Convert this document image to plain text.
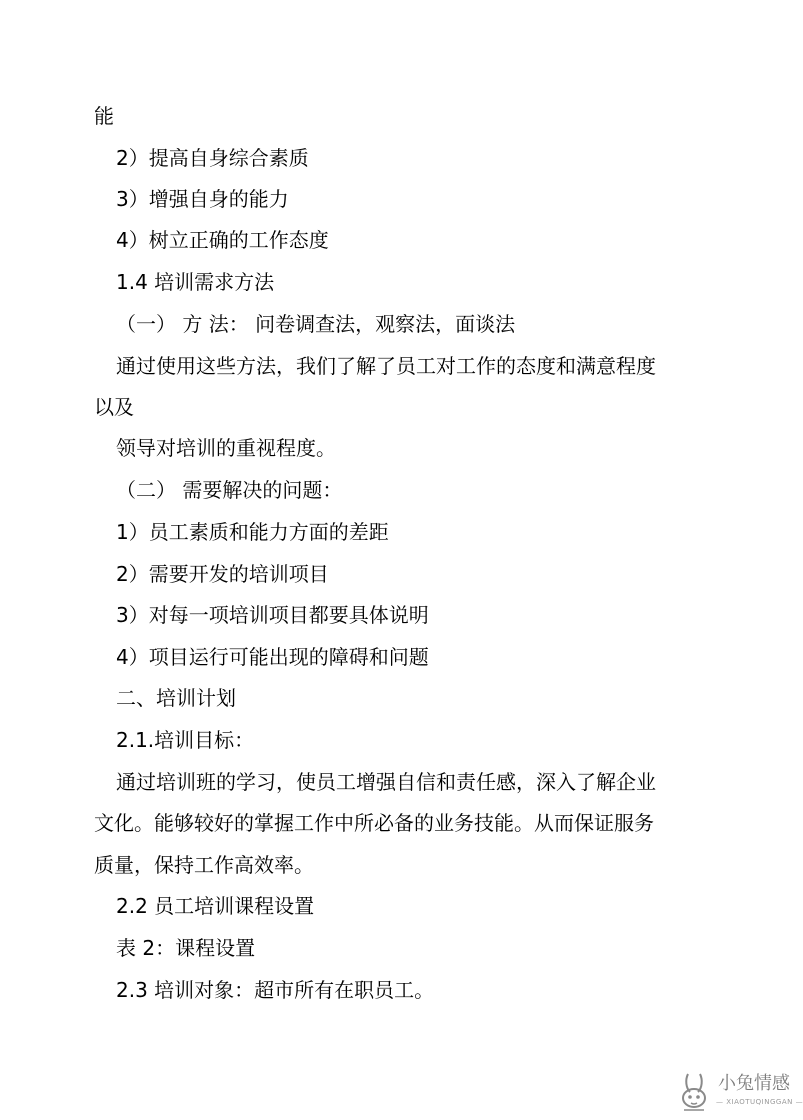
能
2）提高自身综合素质
3）增强自身的能力
4）树立正确的工作态度
1.4 培训需求方法
（一） 方 法： 问卷调查法，观察法，面谈法
通过使用这些方法，我们了解了员工对工作的态度和满意程度
以及
领导对培训的重视程度。
（二） 需要解决的问题：
1）员工素质和能力方面的差距
2）需要开发的培训项目
3）对每一项培训项目都要具体说明
4）项目运行可能出现的障碍和问题
二、培训计划
2.1.培训目标：
通过培训班的学习，使员工增强自信和责任感，深入了解企业
文化。能够较好的掌握工作中所必备的业务技能。从而保证服务
质量，保持工作高效率。
2.2 员工培训课程设置
表 2：课程设置
2.3 培训对象：超市所有在职员工。
小兔情感
— XIAOTUQINGGAN —
